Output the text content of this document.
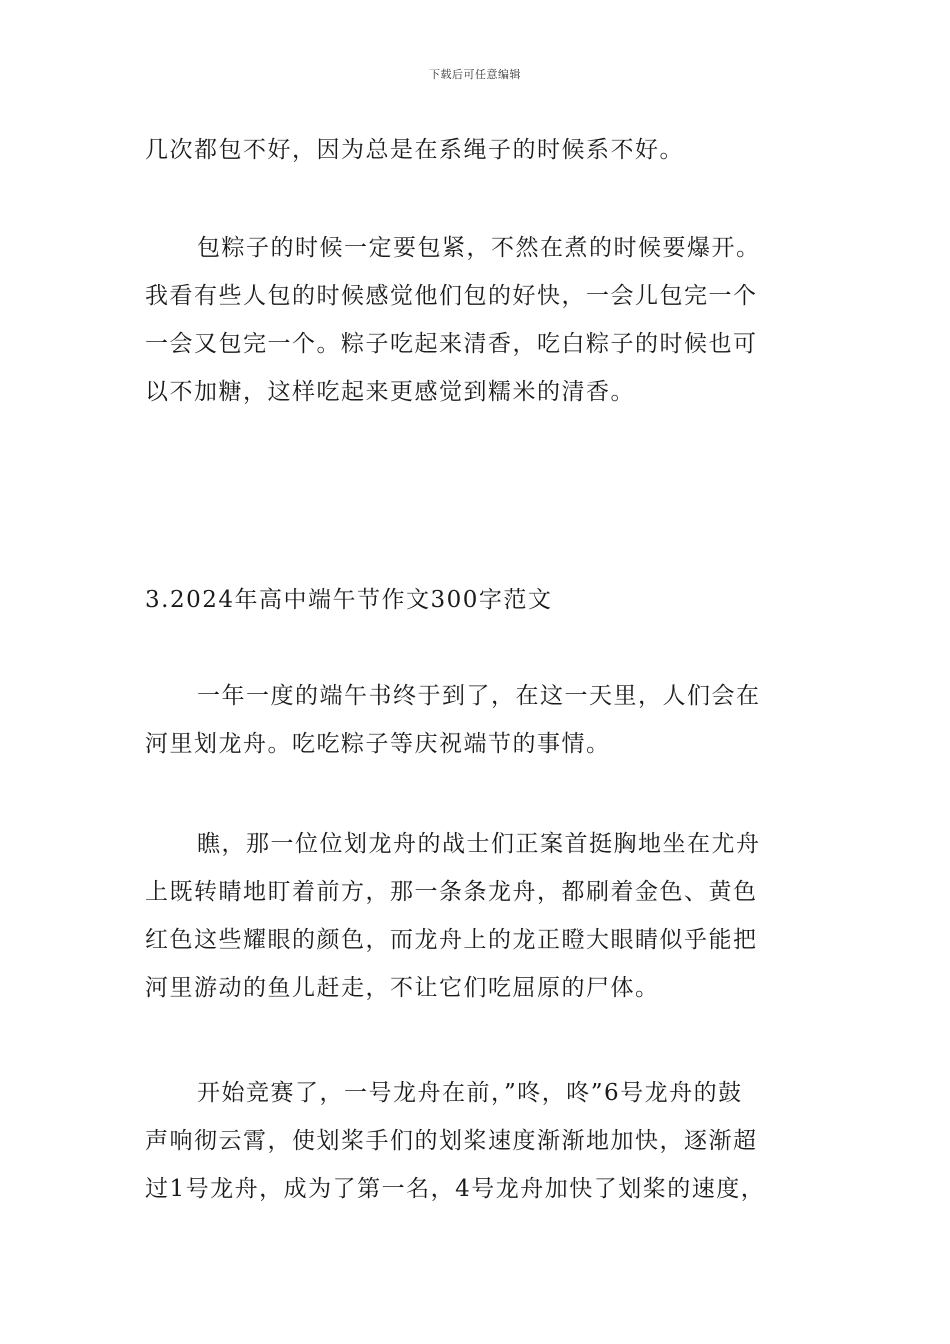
下载后可任意编辑
几次都包不好，因为总是在系绳子的时候系不好。
包粽子的时候一定要包紧，不然在煮的时候要爆开。
我看有些人包的时候感觉他们包的好快，一会儿包完一个
一会又包完一个。粽子吃起来清香，吃白粽子的时候也可
以不加糖，这样吃起来更感觉到糯米的清香。
3.2024年高中端午节作文300字范文
一年一度的端午书终于到了，在这一天里，人们会在
河里划龙舟。吃吃粽子等庆祝端节的事情。
瞧，那一位位划龙舟的战士们正案首挺胸地坐在尤舟
上既转睛地盯着前方，那一条条龙舟，都刷着金色、黄色
红色这些耀眼的颜色，而龙舟上的龙正瞪大眼睛似乎能把
河里游动的鱼儿赶走，不让它们吃屈原的尸体。
开始竞赛了，一号龙舟在前，”咚，咚”6号龙舟的鼓
声响彻云霄，使划桨手们的划桨速度渐渐地加快，逐渐超
过1号龙舟，成为了第一名，4号龙舟加快了划桨的速度，
